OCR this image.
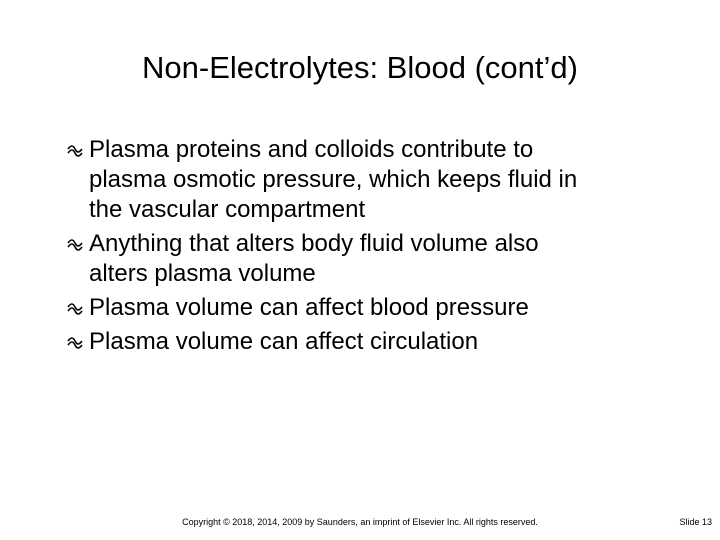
Non-Electrolytes: Blood (cont’d)
Plasma proteins and colloids contribute to
plasma osmotic pressure, which keeps fluid in
the vascular compartment
Anything that alters body fluid volume also
alters plasma volume
Plasma volume can affect blood pressure
Plasma volume can affect circulation
Copyright © 2018, 2014, 2009 by Saunders, an imprint of Elsevier Inc. All rights reserved.	Slide 13
